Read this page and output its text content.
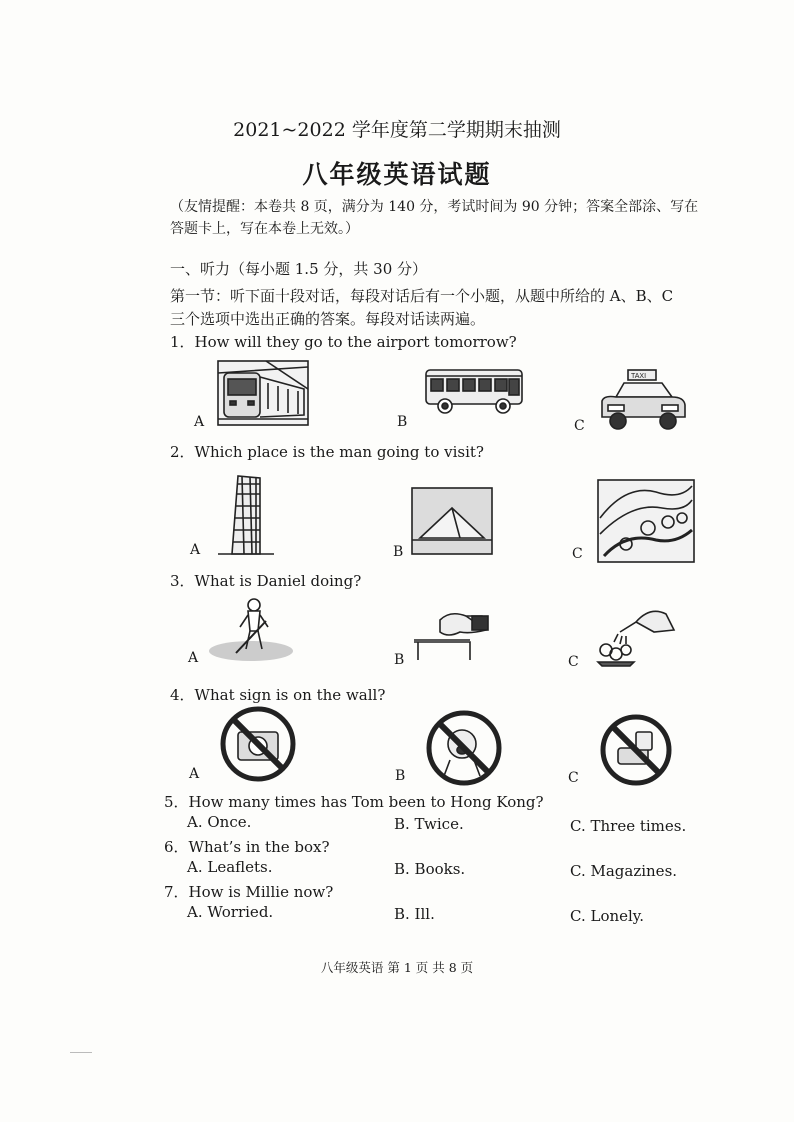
2021~2022 学年度第二学期期末抽测
八年级英语试题
（友情提醒：本卷共 8 页，满分为 140 分，考试时间为 90 分钟；答案全部涂、写在
答题卡上，写在本卷上无效。）
一、听力（每小题 1.5 分，共 30 分）
第一节：听下面十段对话，每段对话后有一个小题，从题中所给的 A、B、C
三个选项中选出正确的答案。每段对话读两遍。
1．How will they go to the airport tomorrow?
TAXI
A	B	C
2．Which place is the man going to visit?
A	B	C
3．What is Daniel doing?
A	B	C
4．What sign is on the wall?
A	B	C
5．How many times has Tom been to Hong Kong?
A. Once.	B. Twice.	C. Three times.
6．What’s in the box?
A. Leaflets.	B. Books.	C. Magazines.
7．How is Millie now?
A. Worried.	B. Ill.	C. Lonely.
八年级英语 第 1 页 共 8 页
